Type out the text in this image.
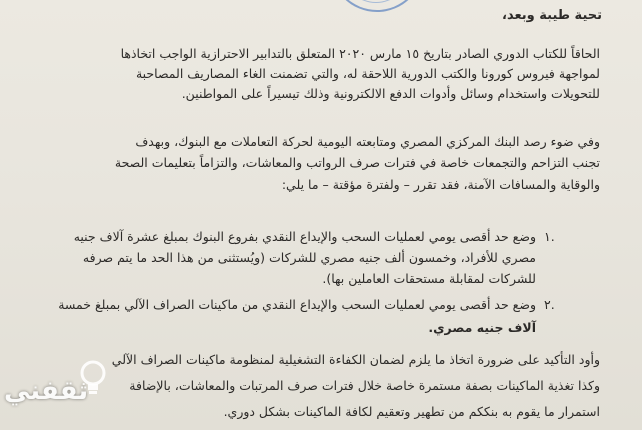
تحية طيبة وبعد،
الحاقاً للكتاب الدوري الصادر بتاريخ ١٥ مارس ٢٠٢٠ المتعلق بالتدابير الاحترازية الواجب اتخاذها
لمواجهة فيروس كورونا والكتب الدورية اللاحقة له، والتي تضمنت الغاء المصاريف المصاحبة
للتحويلات واستخدام وسائل وأدوات الدفع الالكترونية وذلك تيسيراً على المواطنين.
وفي ضوء رصد البنك المركزي المصري ومتابعته اليومية لحركة التعاملات مع البنوك، وبهدف
تجنب التزاحم والتجمعات خاصة في فترات صرف الرواتب والمعاشات، والتزاماً بتعليمات الصحة
والوقاية والمسافات الآمنة، فقد تقرر – ولفترة مؤقتة – ما يلي:
١.
وضع حد أقصى يومي لعمليات السحب والإيداع النقدي بفروع البنوك بمبلغ عشرة آلاف جنيه
مصري للأفراد، وخمسون ألف جنيه مصري للشركات (ويُستثنى من هذا الحد ما يتم صرفه
للشركات لمقابلة مستحقات العاملين بها).
٢.
وضع حد أقصى يومي لعمليات السحب والإيداع النقدي من ماكينات الصراف الآلي بمبلغ خمسة
آلاف جنيه مصري.
وأود التأكيد على ضرورة اتخاذ ما يلزم لضمان الكفاءة التشغيلية لمنظومة ماكينات الصراف الآلي
وكذا تغذية الماكينات بصفة مستمرة خاصة خلال فترات صرف المرتبات والمعاشات، بالإضافة
استمرار ما يقوم به بنككم من تطهير وتعقيم لكافة الماكينات بشكل دوري.
ثقفني
